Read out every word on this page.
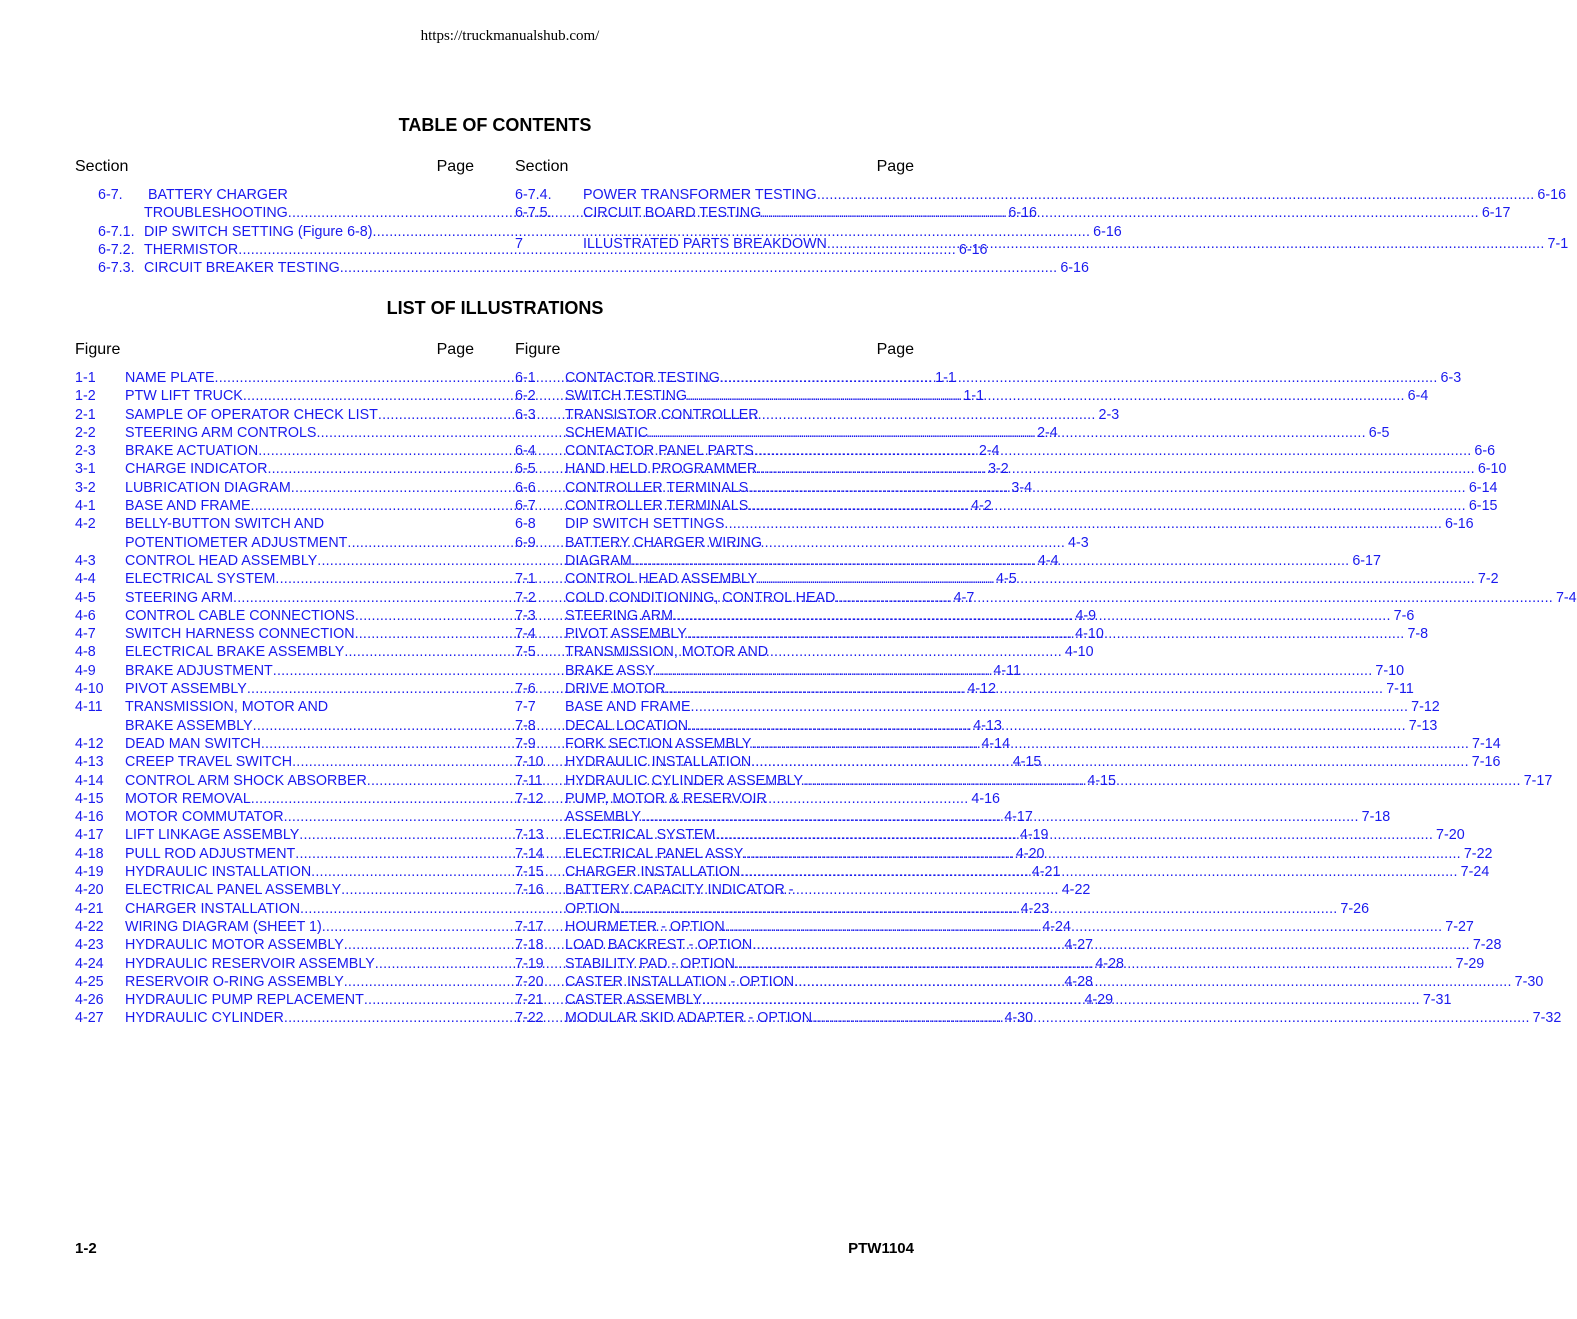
https://truckmanualshub.com/
TABLE OF CONTENTS
Section	Page	Section	Page
6-7.	BATTERY CHARGER
TROUBLESHOOTING .....	6-16
6-7.1. DIP SWITCH SETTING (Figure 6-8) .....	6-16
6-7.2. THERMISTOR .....	6-16
6-7.3. CIRCUIT BREAKER TESTING .....	6-16
6-7.4.	POWER TRANSFORMER TESTING .....	6-16
6-7.5.	CIRCUIT BOARD TESTING .....	6-17
7	ILLUSTRATED PARTS BREAKDOWN .....	7-1
LIST OF ILLUSTRATIONS
Figure	Page	Figure	Page
1-1	NAME PLATE .....	1-1
1-2	PTW LIFT TRUCK .....	1-1
2-1	SAMPLE OF OPERATOR CHECK LIST .....	2-3
2-2	STEERING ARM CONTROLS .....	2-4
2-3	BRAKE ACTUATION .....	2-4
3-1	CHARGE INDICATOR .....	3-2
3-2	LUBRICATION DIAGRAM .....	3-4
4-1	BASE AND FRAME .....	4-2
4-2	BELLY-BUTTON SWITCH AND
POTENTIOMETER ADJUSTMENT .....	4-3
4-3	CONTROL HEAD ASSEMBLY .....	4-4
4-4	ELECTRICAL SYSTEM .....	4-5
4-5	STEERING ARM .....	4-7
4-6	CONTROL CABLE CONNECTIONS .....	4-9
4-7	SWITCH HARNESS CONNECTION .....	4-10
4-8	ELECTRICAL BRAKE ASSEMBLY .....	4-10
4-9	BRAKE ADJUSTMENT .....	4-11
4-10	PIVOT ASSEMBLY .....	4-12
4-11	TRANSMISSION, MOTOR AND
BRAKE ASSEMBLY .....	4-13
4-12	DEAD MAN SWITCH .....	4-14
4-13	CREEP TRAVEL SWITCH .....	4-15
4-14	CONTROL ARM SHOCK ABSORBER .....	4-15
4-15	MOTOR REMOVAL .....	4-16
4-16	MOTOR COMMUTATOR .....	4-17
4-17	LIFT LINKAGE ASSEMBLY .....	4-19
4-18	PULL ROD ADJUSTMENT .....	4-20
4-19	HYDRAULIC INSTALLATION .....	4-21
4-20	ELECTRICAL PANEL ASSEMBLY .....	4-22
4-21	CHARGER INSTALLATION .....	4-23
4-22	WIRING DIAGRAM (SHEET 1) .....	4-24
4-23	HYDRAULIC MOTOR ASSEMBLY .....	4-27
4-24	HYDRAULIC RESERVOIR ASSEMBLY .....	4-28
4-25	RESERVOIR O-RING ASSEMBLY .....	4-28
4-26	HYDRAULIC PUMP REPLACEMENT .....	4-29
4-27	HYDRAULIC CYLINDER .....	4-30
6-1	CONTACTOR TESTING .....	6-3
6-2	SWITCH TESTING .....	6-4
6-3	TRANSISTOR CONTROLLER
SCHEMATIC .....	6-5
6-4	CONTACTOR PANEL PARTS .....	6-6
6-5	HAND HELD PROGRAMMER .....	6-10
6-6	CONTROLLER TERMINALS .....	6-14
6-7	CONTROLLER TERMINALS .....	6-15
6-8	DIP SWITCH SETTINGS .....	6-16
6-9	BATTERY CHARGER WIRING
DIAGRAM .....	6-17
7-1	CONTROL HEAD ASSEMBLY .....	7-2
7-2	COLD CONDITIONING, CONTROL HEAD .....	7-4
7-3	STEERING ARM .....	7-6
7-4	PIVOT ASSEMBLY .....	7-8
7-5	TRANSMISSION, MOTOR AND
BRAKE ASSY .....	7-10
7-6	DRIVE MOTOR .....	7-11
7-7	BASE AND FRAME .....	7-12
7-8	DECAL LOCATION .....	7-13
7-9	FORK SECTION ASSEMBLY .....	7-14
7-10	HYDRAULIC INSTALLATION .....	7-16
7-11	HYDRAULIC CYLINDER ASSEMBLY .....	7-17
7-12	PUMP, MOTOR & RESERVOIR
ASSEMBLY .....	7-18
7-13	ELECTRICAL SYSTEM .....	7-20
7-14	ELECTRICAL PANEL ASSY .....	7-22
7-15	CHARGER INSTALLATION .....	7-24
7-16	BATTERY CAPACITY INDICATOR -
OPTION .....	7-26
7-17	HOURMETER - OPTION .....	7-27
7-18	LOAD BACKREST - OPTION .....	7-28
7-19	STABILITY PAD - OPTION .....	7-29
7-20	CASTER INSTALLATION - OPTION .....	7-30
7-21	CASTER ASSEMBLY .....	7-31
7-22	MODULAR SKID ADAPTER - OPTION .....	7-32
1-2	PTW1104
